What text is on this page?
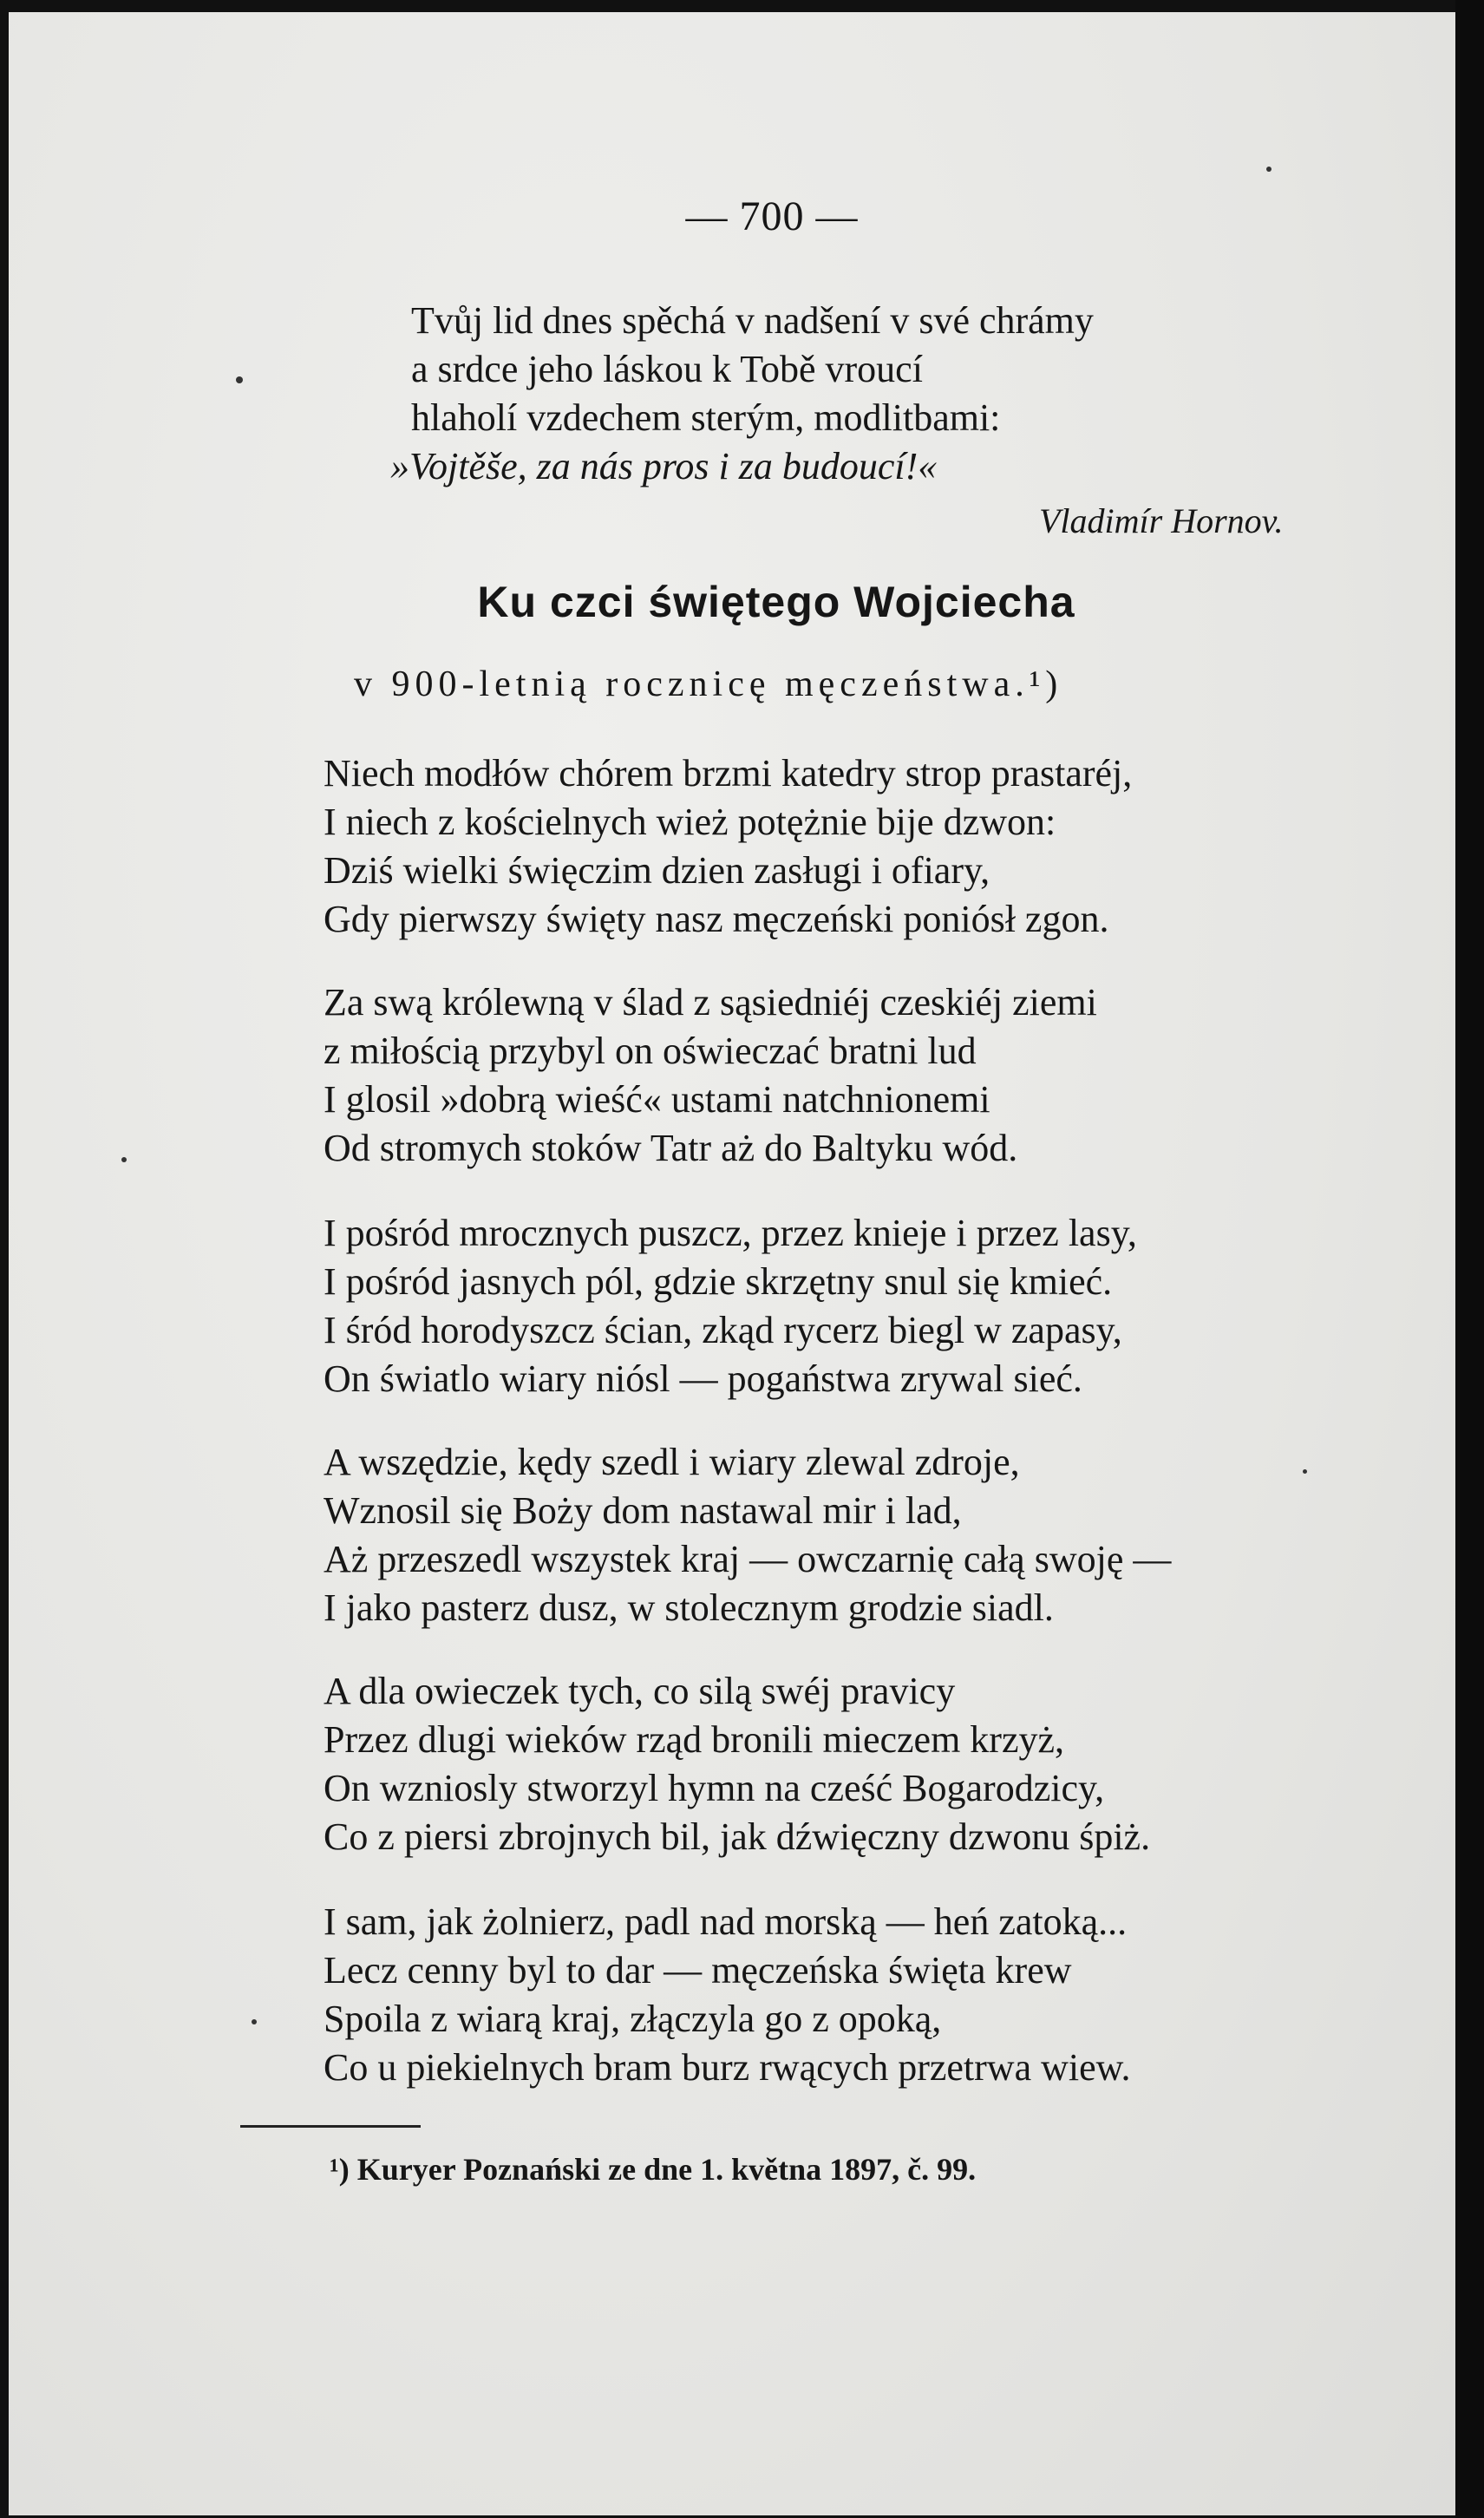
— 700 —
Tvůj lid dnes spěchá v nadšení v své chrámy
a srdce jeho láskou k Tobě vroucí
hlaholí vzdechem sterým, modlitbami:
»Vojtěše, za nás pros i za budoucí!«
Vladimír Hornov.
Ku czci świętego Wojciecha
v 900-letnią rocznicę męczeństwa.¹)
Niech modłów chórem brzmi katedry strop prastaréj,
I niech z kościelnych wież potężnie bije dzwon:
Dziś wielki święczim dzien zasługi i ofiary,
Gdy pierwszy święty nasz męczeński poniósł zgon.
Za swą królewną v ślad z sąsiedniéj czeskiéj ziemi
z miłością przybyl on oświeczać bratni lud
I glosil »dobrą wieść« ustami natchnionemi
Od stromych stoków Tatr aż do Baltyku wód.
I pośród mrocznych puszcz, przez knieje i przez lasy,
I pośród jasnych pól, gdzie skrzętny snul się kmieć.
I śród horodyszcz ścian, zkąd rycerz biegl w zapasy,
On światlo wiary niósl — pogaństwa zrywal sieć.
A wszędzie, kędy szedl i wiary zlewal zdroje,
Wznosil się Boży dom nastawal mir i lad,
Aż przeszedl wszystek kraj — owczarnię całą swoję —
I jako pasterz dusz, w stolecznym grodzie siadl.
A dla owieczek tych, co silą swéj pravicy
Przez dlugi wieków rząd bronili mieczem krzyż,
On wzniosly stworzyl hymn na cześć Bogarodzicy,
Co z piersi zbrojnych bil, jak dźwięczny dzwonu śpiż.
I sam, jak żolnierz, padl nad morską — heń zatoką...
Lecz cenny byl to dar — męczeńska święta krew
Spoila z wiarą kraj, złączyla go z opoką,
Co u piekielnych bram burz rwących przetrwa wiew.
¹) Kuryer Poznański ze dne 1. května 1897, č. 99.
